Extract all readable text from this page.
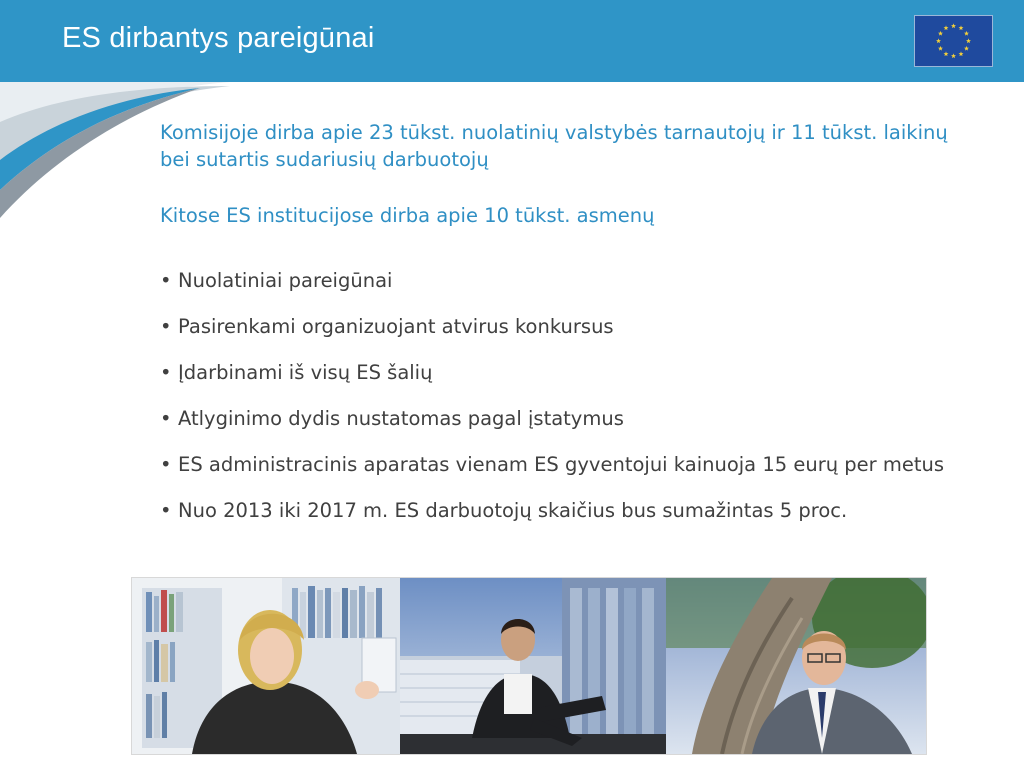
ES dirbantys pareigūnai

Komisijoje dirba apie 23 tūkst. nuolatinių valstybės tarnautojų ir 11 tūkst. laikinų bei sutartis sudariusių darbuotojų

Kitose ES institucijose dirba apie 10 tūkst. asmenų

• Nuolatiniai pareigūnai
• Pasirenkami organizuojant atvirus konkursus
• Įdarbinami iš visų ES šalių
• Atlyginimo dydis nustatomas pagal įstatymus
• ES administracinis aparatas vienam ES gyventojui kainuoja 15 eurų per metus
• Nuo 2013 iki 2017 m. ES darbuotojų skaičius bus sumažintas 5 proc.
